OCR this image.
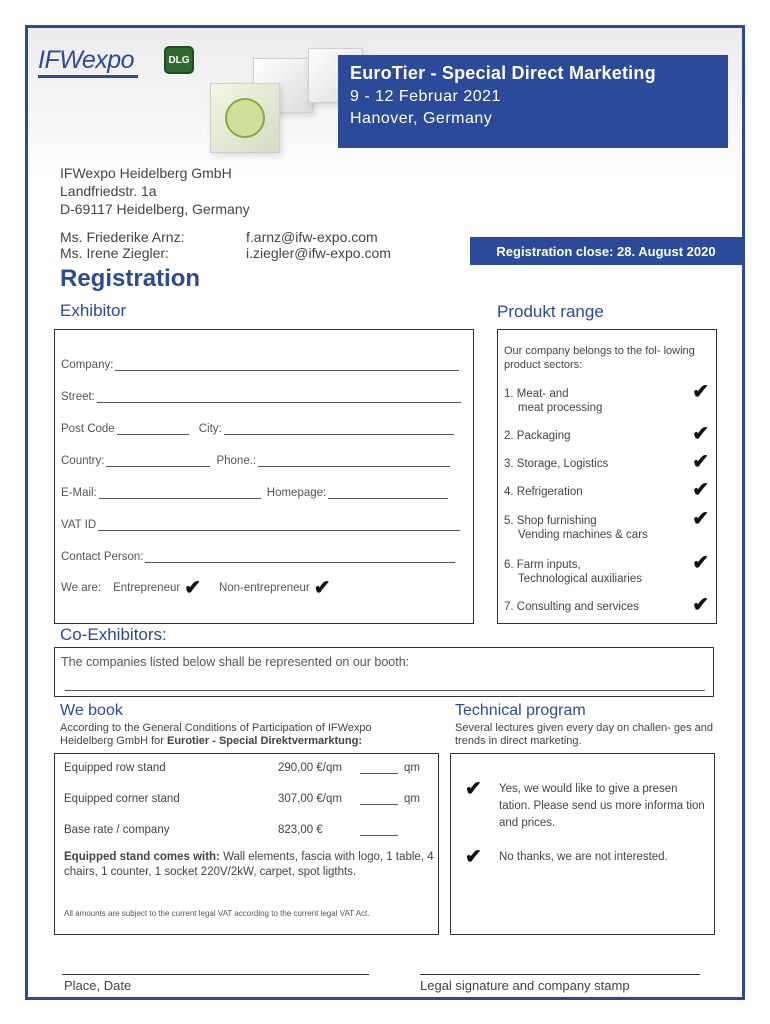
IFWexpo	DLG
EuroTier - Special Direct Marketing
9 - 12 Februar 2021
Hanover, Germany
IFWexpo Heidelberg GmbH
Landfriedstr. 1a
D-69117 Heidelberg, Germany
Ms. Friederike Arnz:	f.arnz@ifw-expo.com
Ms. Irene Ziegler:	i.ziegler@ifw-expo.com	Registration close: 28. August 2020
Registration
Exhibitor
Company:
Street:
Post Code	City:
Country:	Phone.:
E-Mail:	Homepage:
VAT ID
Contact Person:
We are: Entrepreneur ✔ Non-entrepreneur ✔
Produkt range
Our company belongs to the fol- lowing product sectors:
1. Meat- and
meat processing
✔
2. Packaging	✔
3. Storage, Logistics	✔
4. Refrigeration	✔
5. Shop furnishing
Vending machines & cars
✔
6. Farm inputs,
Technological auxiliaries
✔
7. Consulting and services	✔
Co-Exhibitors:
The companies listed below shall be represented on our booth:
We book
According to the General Conditions of Participation of IFWexpo
Heidelberg GmbH for Eurotier - Special Direktvermarktung:
Equipped row stand	290,00 €/qm	qm
Equipped corner stand	307,00 €/qm	qm
Base rate / company	823,00 €
Equipped stand comes with: Wall elements, fascia with logo, 1 table, 4 chairs, 1 counter, 1 socket 220V/2kW, carpet, spot ligthts.
All amounts are subject to the current legal VAT according to the current legal VAT Act.
Technical program
Several lectures given every day on challen- ges and trends in direct marketing.
✔ Yes, we would like to give a presen tation. Please send us more informa tion and prices.
✔ No thanks, we are not interested.
Place, Date	Legal signature and company stamp
